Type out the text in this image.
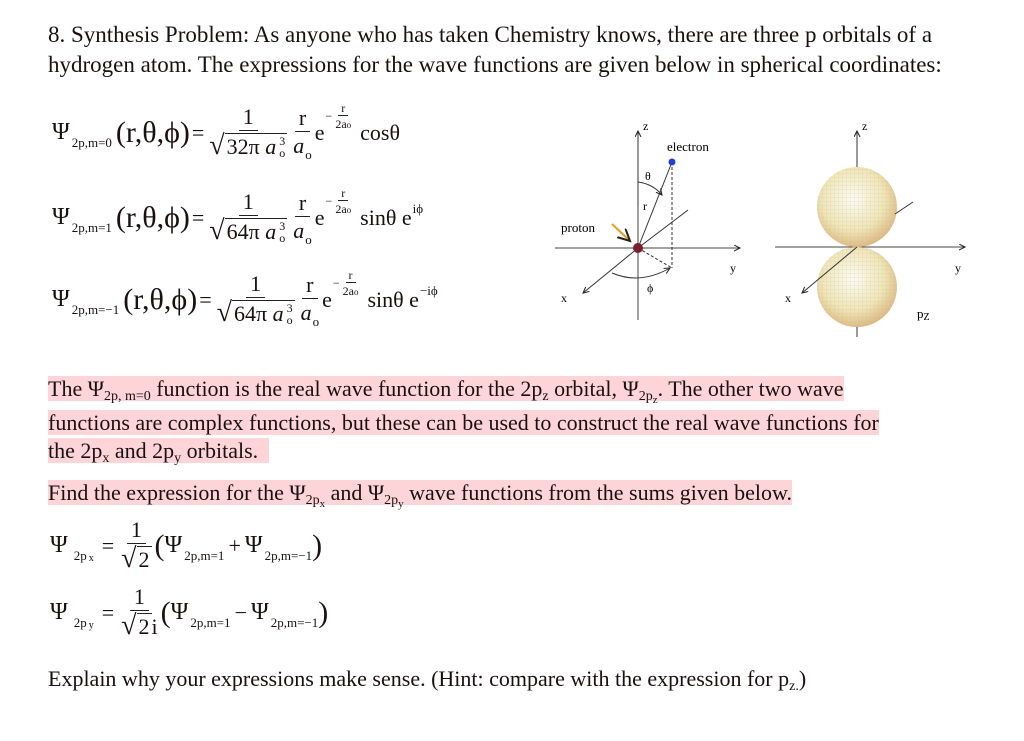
8. Synthesis Problem: As anyone who has taken Chemistry knows, there are three p orbitals of a
hydrogen atom. The expressions for the wave functions are given below in spherical coordinates:
Ψ 2p,m=0 (r,θ,ϕ) = 1
√ 32π
a 3
o $\frac{r}{a_o}$ e
− $\frac{r}{2ao}$
cosθ
Ψ 2p,m=1 (r,θ,ϕ) = 1
√ 64π
a 3
o $\frac{r}{a_o}$ e
− $\frac{r}{2ao}$
sinθ e iϕ
Ψ 2p,m=−1 (r,θ,ϕ) = 1
√ 64π
a 3
o $\frac{r}{a_o}$ e
− $\frac{r}{2ao}$
sinθ e −iϕ
z
electron
θ
r
proton
y
x
ϕ
z
y
x
pZ
The Ψ2p, m=0 function is the real wave function for the 2pz orbital, $\Psi 2p_z$. The other two wave
functions are complex functions, but these can be used to construct the real wave functions for
the 2px and 2py orbitals.
Find the expression for the $\Psi 2p_x$ and $\Psi 2p_y$ wave functions from the sums given below.
Ψ 2p x
= $\frac{1}{√ 2}$ ( Ψ 2p,m=1 + Ψ 2p,m=−1 )
Ψ 2p y
= $\frac{1}{√ 2 i}$ ( Ψ 2p,m=1 − Ψ 2p,m=−1 )
Explain why your expressions make sense. (Hint: compare with the expression for pz.)
